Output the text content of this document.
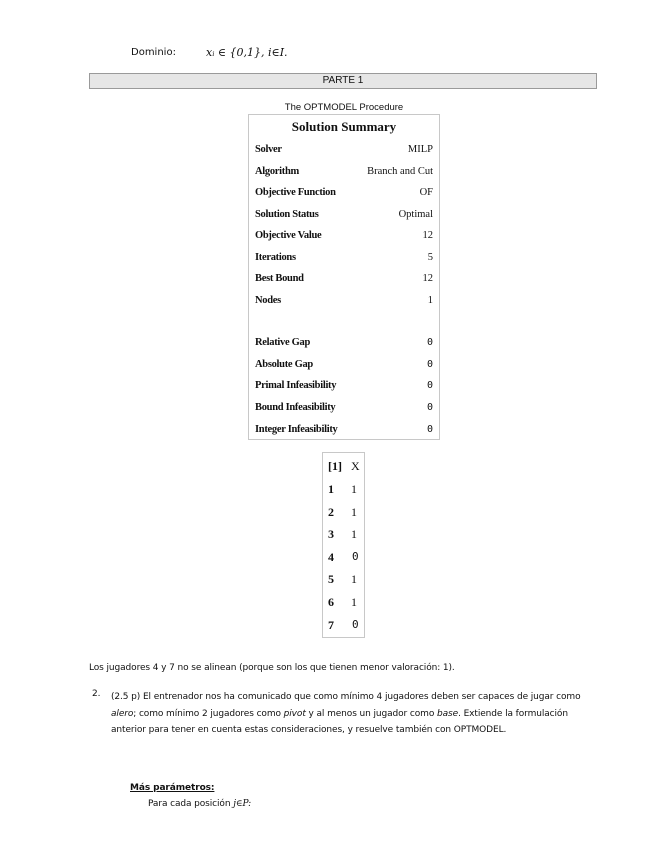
Dominio:	xᵢ ∈ {0,1}, i∈I.
PARTE 1
The OPTMODEL Procedure
Solution Summary
Solver	MILP
Algorithm	Branch and Cut
Objective Function	OF
Solution Status	Optimal
Objective Value	12
Iterations	5
Best Bound	12
Nodes	1
Relative Gap	0
Absolute Gap	0
Primal Infeasibility	0
Bound Infeasibility	0
Integer Infeasibility	0
[1] X
1 1
2 1
3 1
4 0
5 1
6 1
7 0
Los jugadores 4 y 7 no se alinean (porque son los que tienen menor valoración: 1).
2. (2.5 p) El entrenador nos ha comunicado que como mínimo 4 jugadores deben ser capaces de jugar como alero; como mínimo 2 jugadores como pivot y al menos un jugador como base. Extiende la formulación anterior para tener en cuenta estas consideraciones, y resuelve también con OPTMODEL.
Más parámetros:
Para cada posición j∈P:
